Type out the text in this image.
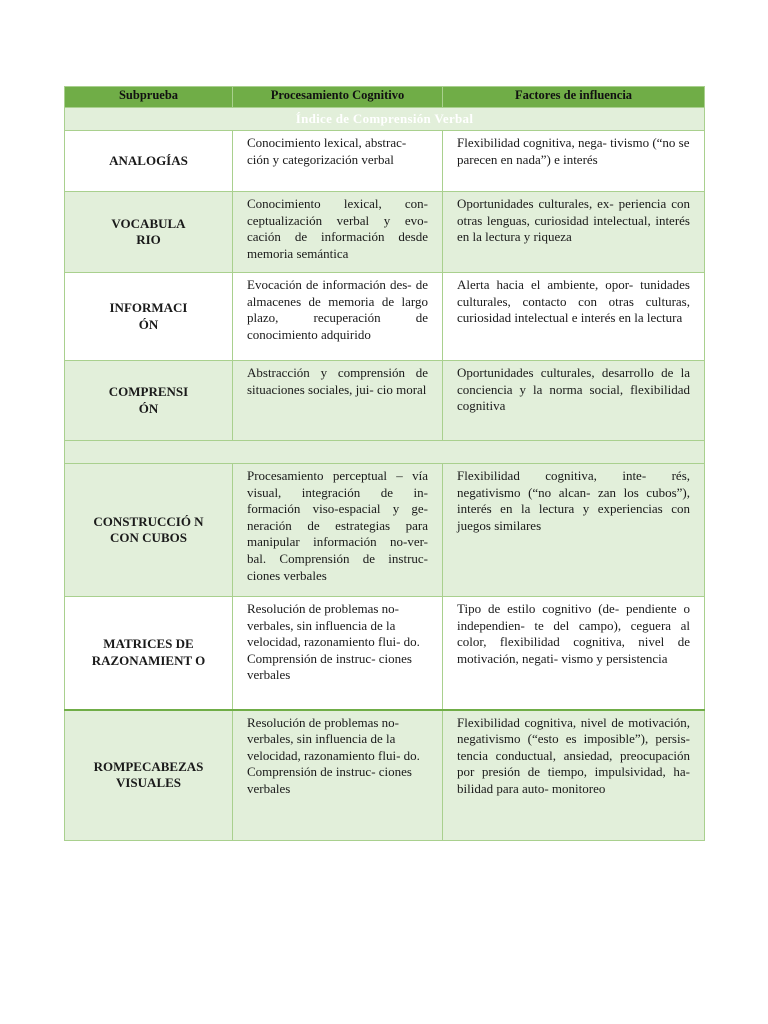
Subprueba	Procesamiento Cognitivo	Factores de influencia
Índice de Comprensión Verbal		
ANALOGÍAS	Conocimiento lexical, abstrac- ción y categorización verbal	Flexibilidad cognitiva, nega- tivismo (“no se parecen en nada”) e interés
VOCABULA RIO	Conocimiento lexical, con- ceptualización verbal y evo- cación de información desde memoria semántica	Oportunidades culturales, ex- periencia con otras lenguas, curiosidad intelectual, interés en la lectura y riqueza
INFORMACI ÓN	Evocación de información des- de almacenes de memoria de largo plazo, recuperación de conocimiento adquirido	Alerta hacia el ambiente, opor- tunidades culturales, contacto con otras culturas, curiosidad intelectual e interés en la lectura
COMPRENSI ÓN	Abstracción y comprensión de situaciones sociales, jui- cio moral	Oportunidades culturales, desarrollo de la conciencia y la norma social, flexibilidad cognitiva

CONSTRUCCIÓ N CON CUBOS	Procesamiento perceptual – vía visual, integración de in- formación viso-espacial y ge- neración de estrategias para manipular información no-ver- bal. Comprensión de instruc- ciones verbales	Flexibilidad cognitiva, inte- rés, negativismo (“no alcan- zan los cubos”), interés en la lectura y experiencias con juegos similares
MATRICES DE RAZONAMIENT O	Resolución de problemas no- verbales, sin influencia de la velocidad, razonamiento flui- do. Comprensión de instruc- ciones verbales	Tipo de estilo cognitivo (de- pendiente o independien- te del campo), ceguera al color, flexibilidad cognitiva, nivel de motivación, negati- vismo y persistencia
ROMPECABEZAS VISUALES	Resolución de problemas no- verbales, sin influencia de la velocidad, razonamiento flui- do. Comprensión de instruc- ciones verbales	Flexibilidad cognitiva, nivel de motivación, negativismo (“esto es imposible”), persis- tencia conductual, ansiedad, preocupación por presión de tiempo, impulsividad, ha- bilidad para auto- monitoreo
